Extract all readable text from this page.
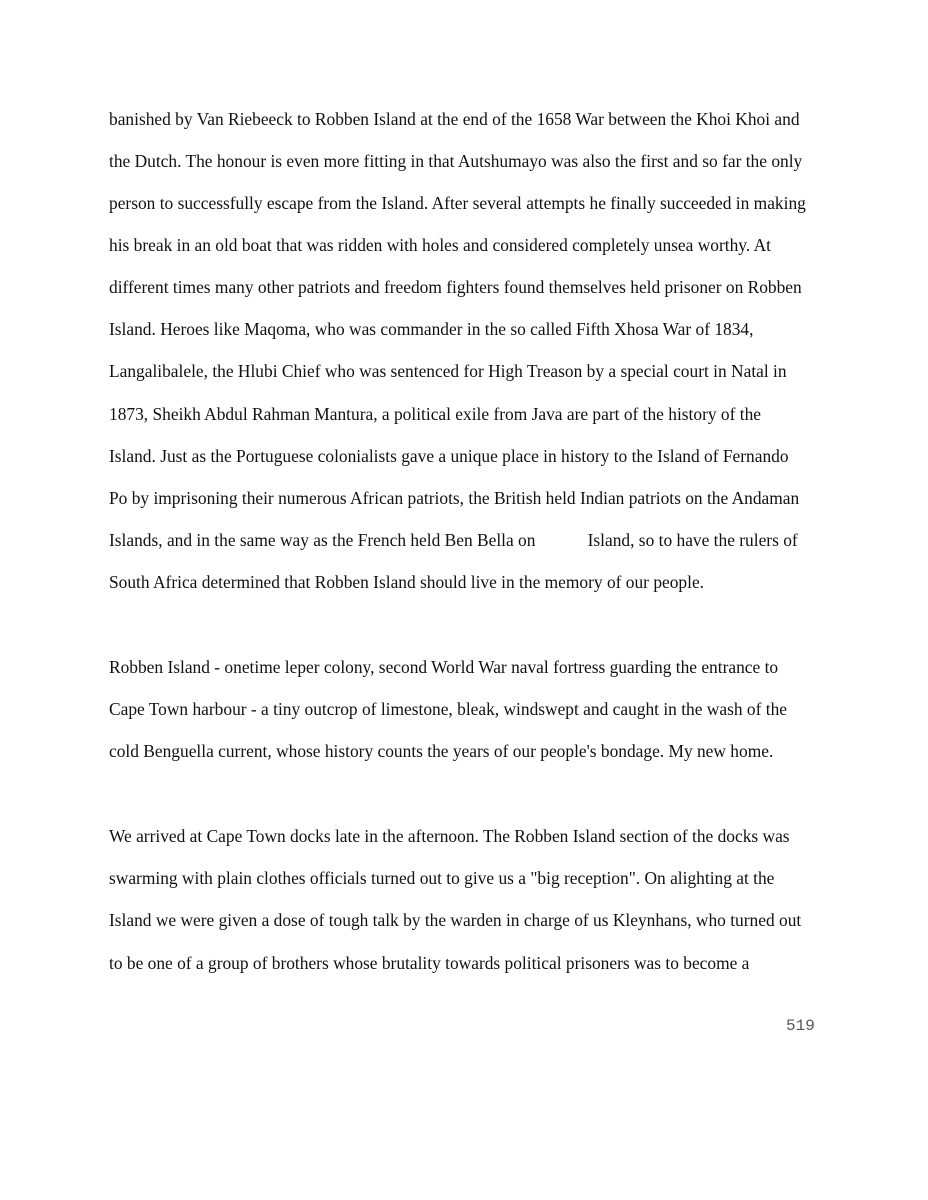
banished by Van Riebeeck to Robben Island at the end of the 1658 War between the Khoi Khoi and
the Dutch. The honour is even more fitting in that Autshumayo was also the first and so far the only
person to successfully escape from the Island. After several attempts he finally succeeded in making
his break in an old boat that was ridden with holes and considered completely unsea worthy. At
different times many other patriots and freedom fighters found themselves held prisoner on Robben
Island. Heroes like Maqoma, who was commander in the so called Fifth Xhosa War of 1834,
Langalibalele, the Hlubi Chief who was sentenced for High Treason by a special court in Natal in
1873, Sheikh Abdul Rahman Mantura, a political exile from Java are part of the history of the
Island. Just as the Portuguese colonialists gave a unique place in history to the Island of Fernando
Po by imprisoning their numerous African patriots, the British held Indian patriots on the Andaman
Islands, and in the same way as the French held Ben Bella on            Island, so to have the rulers of
South Africa determined that Robben Island should live in the memory of our people.
Robben Island - onetime leper colony, second World War naval fortress guarding the entrance to
Cape Town harbour - a tiny outcrop of limestone, bleak, windswept and caught in the wash of the
cold Benguella current, whose history counts the years of our people's bondage. My new home.
We arrived at Cape Town docks late in the afternoon. The Robben Island section of the docks was
swarming with plain clothes officials turned out to give us a "big reception". On alighting at the
Island we were given a dose of tough talk by the warden in charge of us Kleynhans, who turned out
to be one of a group of brothers whose brutality towards political prisoners was to become a
519
